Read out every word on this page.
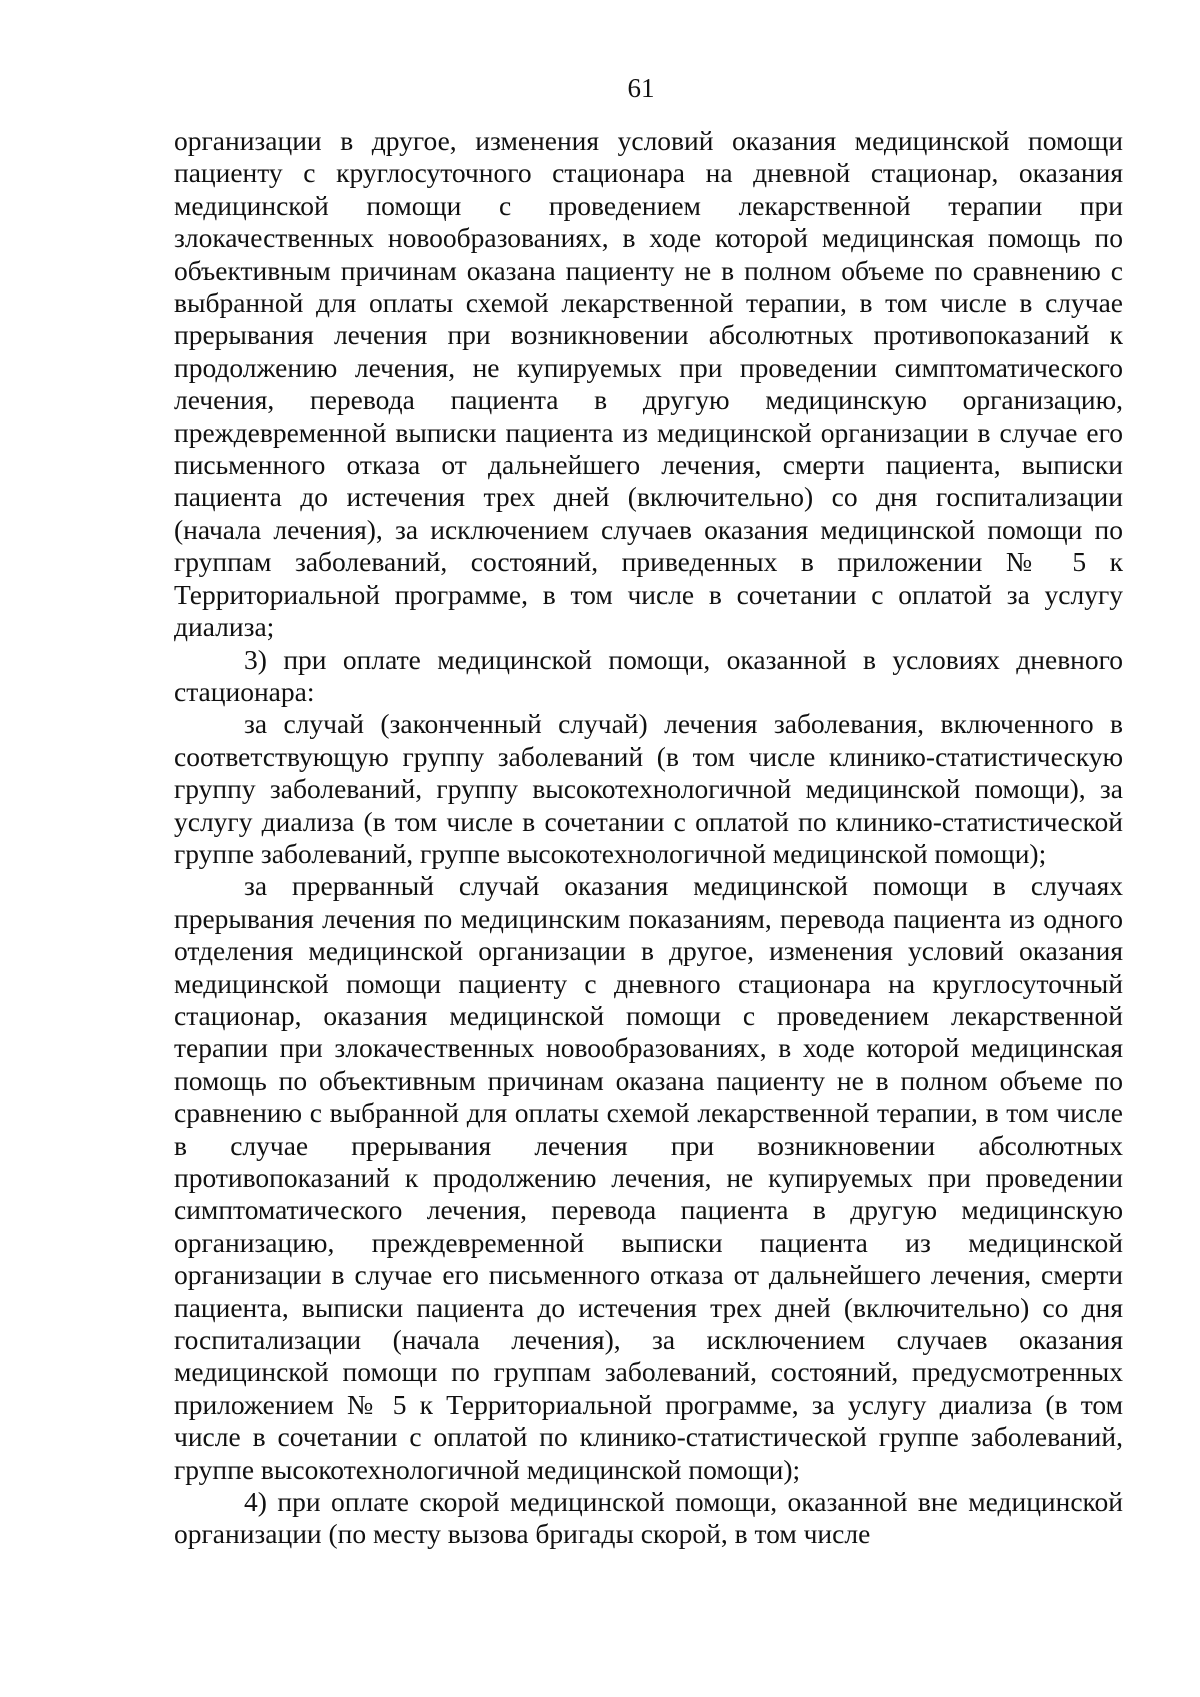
61

организации в другое, изменения условий оказания медицинской помощи пациенту с круглосуточного стационара на дневной стационар, оказания медицинской помощи с проведением лекарственной терапии при злокачественных новообразованиях, в ходе которой медицинская помощь по объективным причинам оказана пациенту не в полном объеме по сравнению с выбранной для оплаты схемой лекарственной терапии, в том числе в случае прерывания лечения при возникновении абсолютных противопоказаний к продолжению лечения, не купируемых при проведении симптоматического лечения, перевода пациента в другую медицинскую организацию, преждевременной выписки пациента из медицинской организации в случае его письменного отказа от дальнейшего лечения, смерти пациента, выписки пациента до истечения трех дней (включительно) со дня госпитализации (начала лечения), за исключением случаев оказания медицинской помощи по группам заболеваний, состояний, приведенных в приложении № 5 к Территориальной программе, в том числе в сочетании с оплатой за услугу диализа;

3) при оплате медицинской помощи, оказанной в условиях дневного стационара:

за случай (законченный случай) лечения заболевания, включенного в соответствующую группу заболеваний (в том числе клинико-статистическую группу заболеваний, группу высокотехнологичной медицинской помощи), за услугу диализа (в том числе в сочетании с оплатой по клинико-статистической группе заболеваний, группе высокотехнологичной медицинской помощи);

за прерванный случай оказания медицинской помощи в случаях прерывания лечения по медицинским показаниям, перевода пациента из одного отделения медицинской организации в другое, изменения условий оказания медицинской помощи пациенту с дневного стационара на круглосуточный стационар, оказания медицинской помощи с проведением лекарственной терапии при злокачественных новообразованиях, в ходе которой медицинская помощь по объективным причинам оказана пациенту не в полном объеме по сравнению с выбранной для оплаты схемой лекарственной терапии, в том числе в случае прерывания лечения при возникновении абсолютных противопоказаний к продолжению лечения, не купируемых при проведении симптоматического лечения, перевода пациента в другую медицинскую организацию, преждевременной выписки пациента из медицинской организации в случае его письменного отказа от дальнейшего лечения, смерти пациента, выписки пациента до истечения трех дней (включительно) со дня госпитализации (начала лечения), за исключением случаев оказания медицинской помощи по группам заболеваний, состояний, предусмотренных приложением № 5 к Территориальной программе, за услугу диализа (в том числе в сочетании с оплатой по клинико-статистической группе заболеваний, группе высокотехнологичной медицинской помощи);

4) при оплате скорой медицинской помощи, оказанной вне медицинской организации (по месту вызова бригады скорой, в том числе
